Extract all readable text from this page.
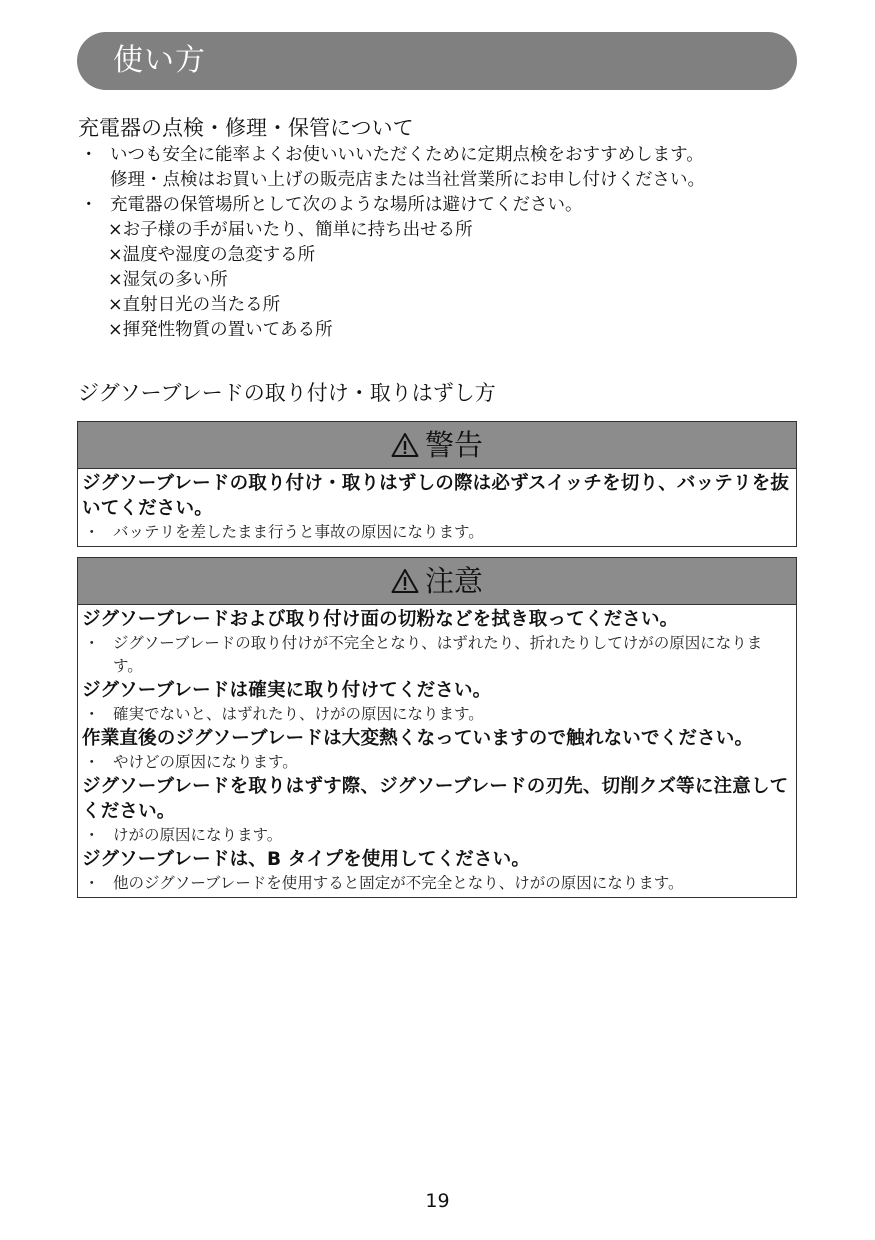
使い方
充電器の点検・修理・保管について
・ いつも安全に能率よくお使いいいただくために定期点検をおすすめします。
修理・点検はお買い上げの販売店または当社営業所にお申し付けください。
・ 充電器の保管場所として次のような場所は避けてください。
×お子様の手が届いたり、簡単に持ち出せる所
×温度や湿度の急変する所
×湿気の多い所
×直射日光の当たる所
×揮発性物質の置いてある所
ジグソーブレードの取り付け・取りはずし方
警告
ジグソーブレードの取り付け・取りはずしの際は必ずスイッチを切り、バッテリを抜いてください。
・ バッテリを差したまま行うと事故の原因になります。
注意
ジグソーブレードおよび取り付け面の切粉などを拭き取ってください。
・ ジグソーブレードの取り付けが不完全となり、はずれたり、折れたりしてけがの原因になります。
ジグソーブレードは確実に取り付けてください。
・ 確実でないと、はずれたり、けがの原因になります。
作業直後のジグソーブレードは大変熱くなっていますので触れないでください。
・ やけどの原因になります。
ジグソーブレードを取りはずす際、ジグソーブレードの刃先、切削クズ等に注意してください。
・ けがの原因になります。
ジグソーブレードは、B タイプを使用してください。
・ 他のジグソーブレードを使用すると固定が不完全となり、けがの原因になります。
19
